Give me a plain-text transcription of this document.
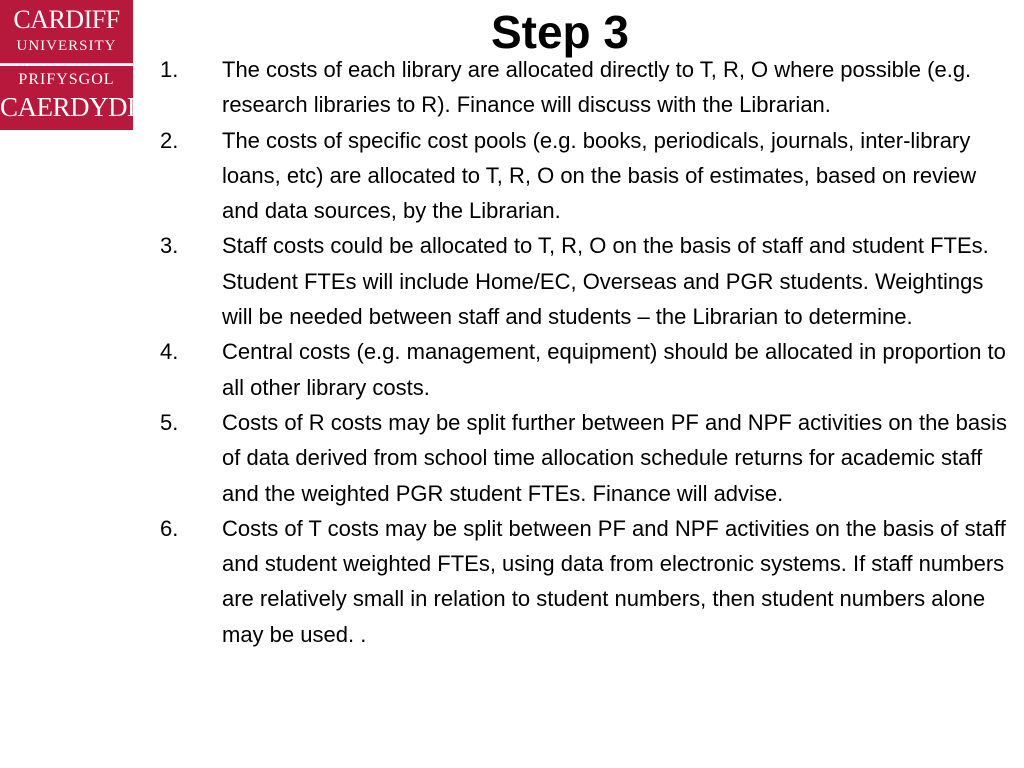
CARDIFF
UNIVERSITY
PRIFYSGOL
CAERDYDD
Step 3
1. The costs of each library are allocated directly to T, R, O where possible (e.g. research libraries to R). Finance will discuss with the Librarian.
2. The costs of specific cost pools (e.g. books, periodicals, journals, inter-library loans, etc) are allocated to T, R, O on the basis of estimates, based on review and data sources, by the Librarian.
3. Staff costs could be allocated to T, R, O on the basis of staff and student FTEs. Student FTEs will include Home/EC, Overseas and PGR students. Weightings will be needed between staff and students – the Librarian to determine.
4. Central costs (e.g. management, equipment) should be allocated in proportion to all other library costs.
5. Costs of R costs may be split further between PF and NPF activities on the basis of data derived from school time allocation schedule returns for academic staff and the weighted PGR student FTEs. Finance will advise.
6. Costs of T costs may be split between PF and NPF activities on the basis of staff and student weighted FTEs, using data from electronic systems. If staff numbers are relatively small in relation to student numbers, then student numbers alone may be used. .
